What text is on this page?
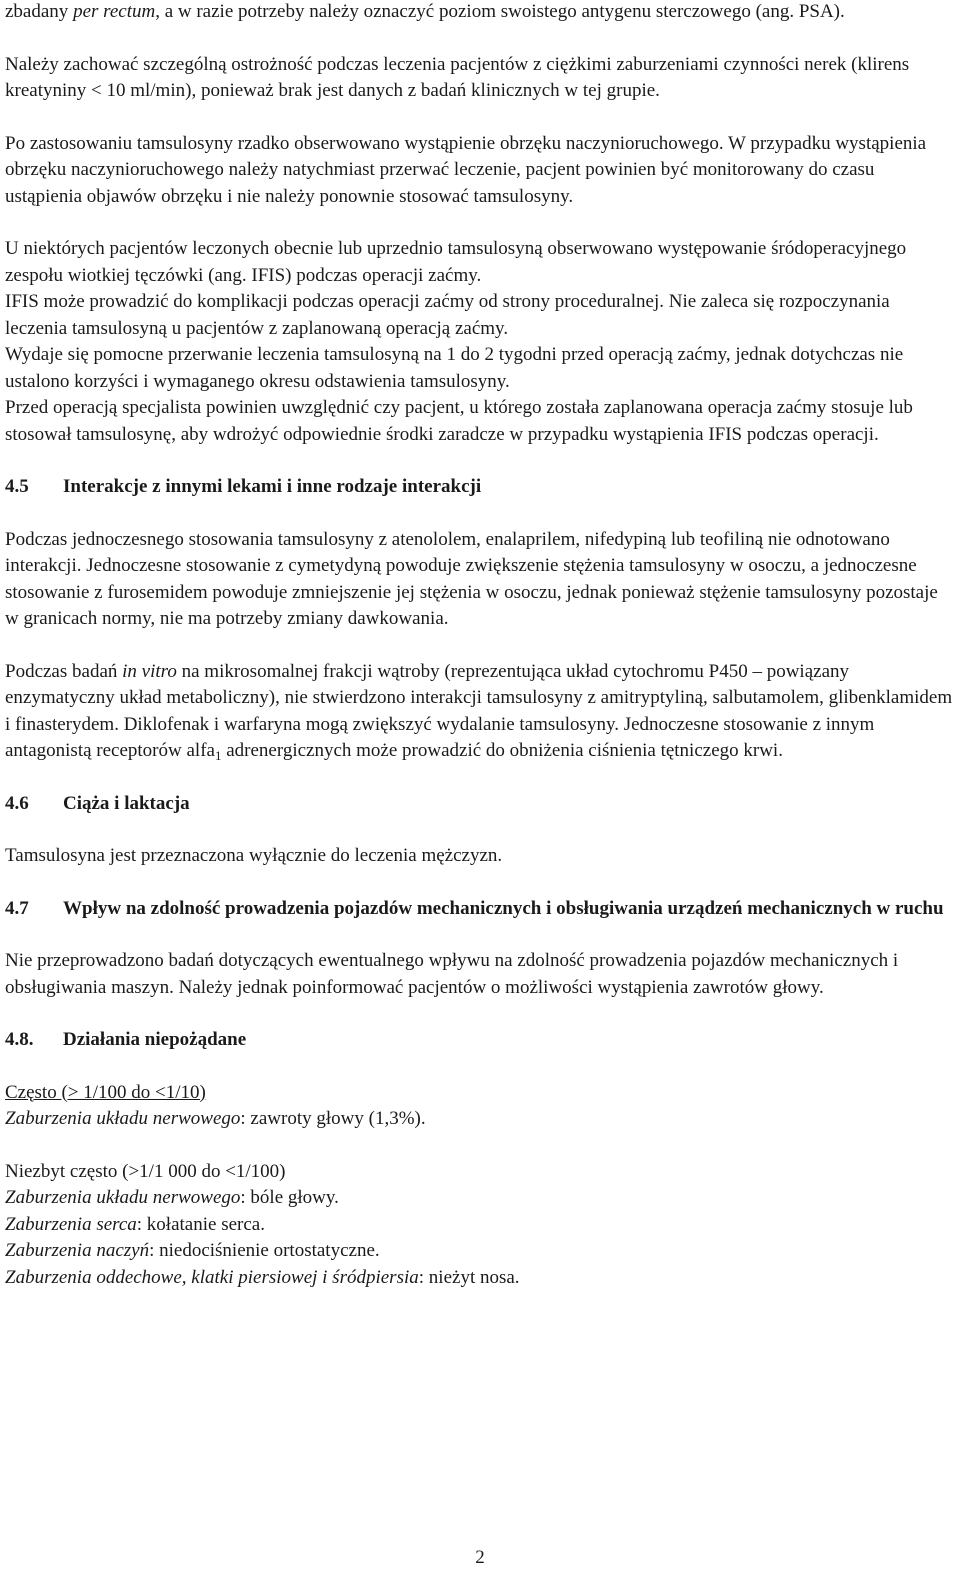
zbadany per rectum, a w razie potrzeby należy oznaczyć poziom swoistego antygenu sterczowego (ang. PSA).

Należy zachować szczególną ostrożność podczas leczenia pacjentów z ciężkimi zaburzeniami czynności nerek (klirens kreatyniny < 10 ml/min), ponieważ brak jest danych z badań klinicznych w tej grupie.

Po zastosowaniu tamsulosyny rzadko obserwowano wystąpienie obrzęku naczynioruchowego. W przypadku wystąpienia obrzęku naczynioruchowego należy natychmiast przerwać leczenie, pacjent powinien być monitorowany do czasu ustąpienia objawów obrzęku i nie należy ponownie stosować tamsulosyny.

U niektórych pacjentów leczonych obecnie lub uprzednio tamsulosyną obserwowano występowanie śródoperacyjnego zespołu wiotkiej tęczówki (ang. IFIS) podczas operacji zaćmy.

IFIS może prowadzić do komplikacji podczas operacji zaćmy od strony proceduralnej. Nie zaleca się rozpoczynania leczenia tamsulosyną u pacjentów z zaplanowaną operacją zaćmy.

Wydaje się pomocne przerwanie leczenia tamsulosyną na 1 do 2 tygodni przed operacją zaćmy, jednak dotychczas nie ustalono korzyści i wymaganego okresu odstawienia tamsulosyny.

Przed operacją specjalista powinien uwzględnić czy pacjent, u którego została zaplanowana operacja zaćmy stosuje lub stosował tamsulosynę, aby wdrożyć odpowiednie środki zaradcze w przypadku wystąpienia IFIS podczas operacji.

4.5	Interakcje z innymi lekami i inne rodzaje interakcji

Podczas jednoczesnego stosowania tamsulosyny z atenololem, enalaprilem, nifedypiną lub teofiliną nie odnotowano interakcji. Jednoczesne stosowanie z cymetydyną powoduje zwiększenie stężenia tamsulosyny w osoczu, a jednoczesne stosowanie z furosemidem powoduje zmniejszenie jej stężenia w osoczu, jednak ponieważ stężenie tamsulosyny pozostaje w granicach normy, nie ma potrzeby zmiany dawkowania.

Podczas badań in vitro na mikrosomalnej frakcji wątroby (reprezentująca układ cytochromu P450 – powiązany enzymatyczny układ metaboliczny), nie stwierdzono interakcji tamsulosyny z amitryptyliną, salbutamolem, glibenklamidem i finasterydem. Diklofenak i warfaryna mogą zwiększyć wydalanie tamsulosyny. Jednoczesne stosowanie z innym antagonistą receptorów alfa$_1$ adrenergicznych może prowadzić do obniżenia ciśnienia tętniczego krwi.

4.6	Ciąża i laktacja

Tamsulosyna jest przeznaczona wyłącznie do leczenia mężczyzn.

4.7 Wpływ na zdolność prowadzenia pojazdów mechanicznych i obsługiwania urządzeń mechanicznych w ruchu

Nie przeprowadzono badań dotyczących ewentualnego wpływu na zdolność prowadzenia pojazdów mechanicznych i obsługiwania maszyn. Należy jednak poinformować pacjentów o możliwości wystąpienia zawrotów głowy.

4.8.	Działania niepożądane

Często (> 1/100 do <1/10)

Zaburzenia układu nerwowego: zawroty głowy (1,3%).

Niezbyt często (>1/1 000 do <1/100)

Zaburzenia układu nerwowego: bóle głowy.

Zaburzenia serca: kołatanie serca.

Zaburzenia naczyń: niedociśnienie ortostatyczne.

Zaburzenia oddechowe, klatki piersiowej i śródpiersia: nieżyt nosa.

2
